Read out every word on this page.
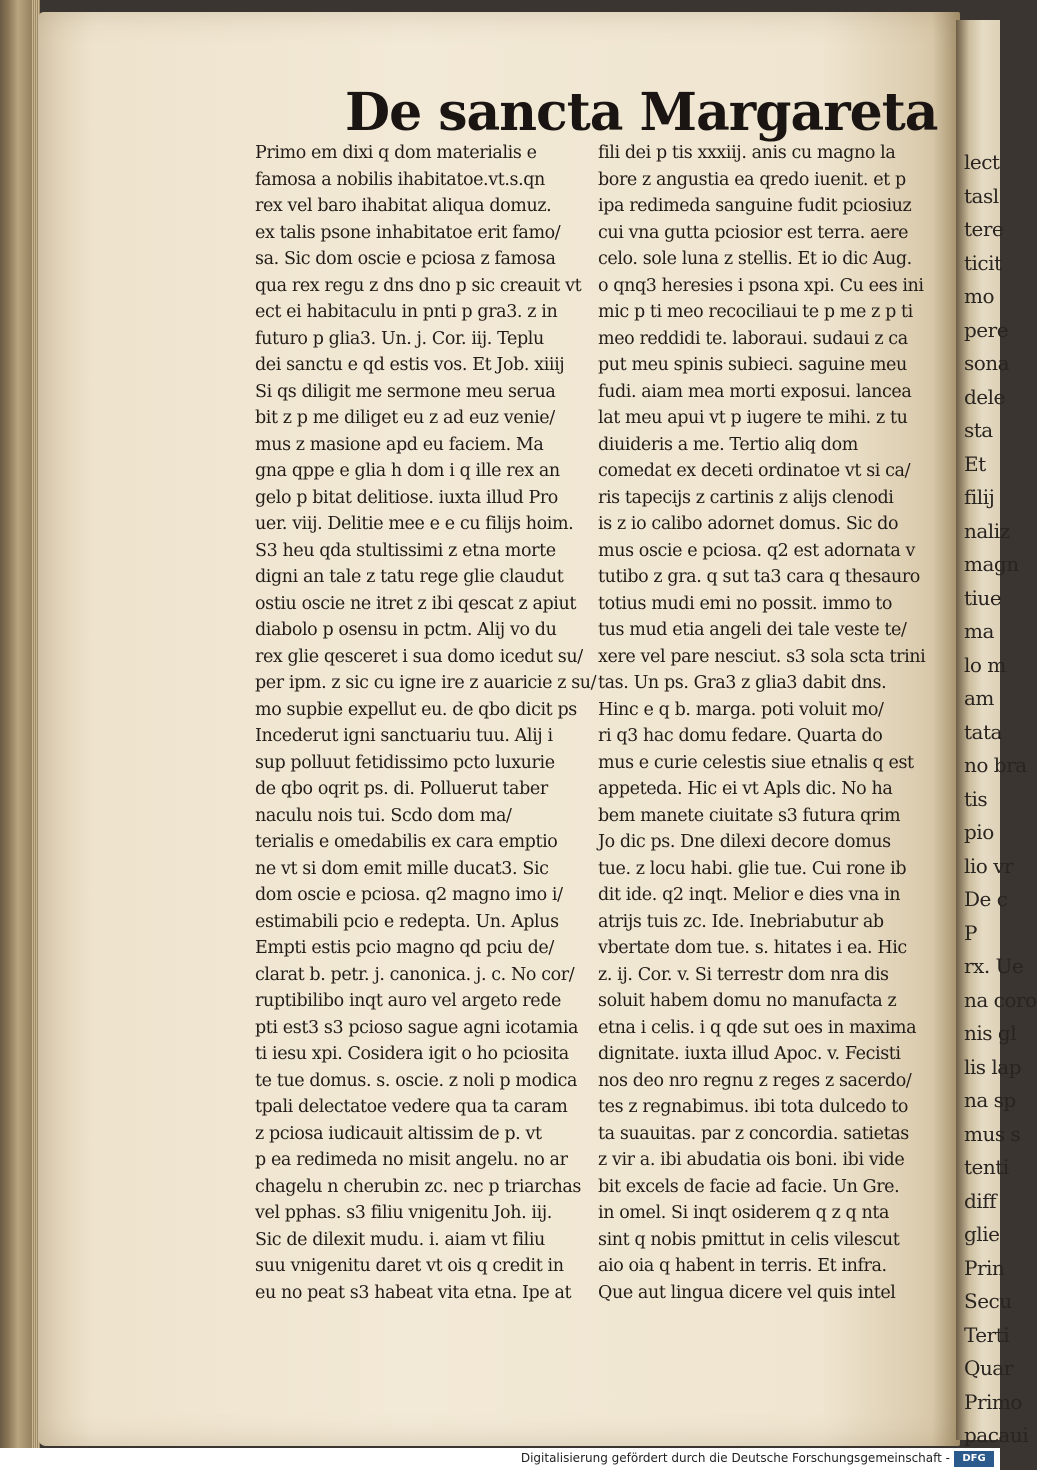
lect
tasl
tere
ticit
mo
pere
sona
dele
sta
Et
filij
naliz
magn
tiue
ma
lo m
am
tata
no bra
tis
pio
lio vr
De c
P
rx. Ue
na coro
nis gl
lis lap
na sp
mus s
tenti
diff
glie
Prin
Secu
Terti
Quar
Primo
pacaui
De sancta Margareta
Primo em dixi q dom materialis e
famosa a nobilis ihabitatoe.vt.s.qn
rex vel baro ihabitat aliqua domuz.
ex talis psone inhabitatoe erit famo/
sa. Sic dom oscie e pciosa z famosa
qua rex regu z dns dno p sic creauit vt
ect ei habitaculu in pnti p gra3. z in
futuro p glia3. Un. j. Cor. iij. Teplu
dei sanctu e qd estis vos. Et Job. xiiij
Si qs diligit me sermone meu serua
bit z p me diliget eu z ad euz venie/
mus z masione apd eu faciem. Ma
gna qppe e glia h dom i q ille rex an
gelo p bitat delitiose. iuxta illud Pro
uer. viij. Delitie mee e e cu filijs hoim.
S3 heu qda stultissimi z etna morte
digni an tale z tatu rege glie claudut
ostiu oscie ne itret z ibi qescat z apiut
diabolo p osensu in pctm. Alij vo du
rex glie qesceret i sua domo icedut su/
per ipm. z sic cu igne ire z auaricie z su/
mo supbie expellut eu. de qbo dicit ps
Incederut igni sanctuariu tuu. Alij i
sup polluut fetidissimo pcto luxurie
de qbo oqrit ps. di. Polluerut taber
naculu nois tui. Scdo dom ma/
terialis e omedabilis ex cara emptio
ne vt si dom emit mille ducat3. Sic
dom oscie e pciosa. q2 magno imo i/
estimabili pcio e redepta. Un. Aplus
Empti estis pcio magno qd pciu de/
clarat b. petr. j. canonica. j. c. No cor/
ruptibilibo inqt auro vel argeto rede
pti est3 s3 pcioso sague agni icotamia
ti iesu xpi. Cosidera igit o ho pciosita
te tue domus. s. oscie. z noli p modica
tpali delectatoe vedere qua ta caram
z pciosa iudicauit altissim de p. vt
p ea redimeda no misit angelu. no ar
chagelu n cherubin zc. nec p triarchas
vel pphas. s3 filiu vnigenitu Joh. iij.
Sic de dilexit mudu. i. aiam vt filiu
suu vnigenitu daret vt ois q credit in
eu no peat s3 habeat vita etna. Ipe at
fili dei p tis xxxiij. anis cu magno la
bore z angustia ea qredo iuenit. et p
ipa redimeda sanguine fudit pciosiuz
cui vna gutta pciosior est terra. aere
celo. sole luna z stellis. Et io dic Aug.
o qnq3 heresies i psona xpi. Cu ees ini
mic p ti meo recociliaui te p me z p ti
meo reddidi te. laboraui. sudaui z ca
put meu spinis subieci. saguine meu
fudi. aiam mea morti exposui. lancea
lat meu apui vt p iugere te mihi. z tu
diuideris a me. Tertio aliq dom
comedat ex deceti ordinatoe vt si ca/
ris tapecijs z cartinis z alijs clenodi
is z io calibo adornet domus. Sic do
mus oscie e pciosa. q2 est adornata v
tutibo z gra. q sut ta3 cara q thesauro
totius mudi emi no possit. immo to
tus mud etia angeli dei tale veste te/
xere vel pare nesciut. s3 sola scta trini
tas. Un ps. Gra3 z glia3 dabit dns.
Hinc e q b. marga. poti voluit mo/
ri q3 hac domu fedare. Quarta do
mus e curie celestis siue etnalis q est
appeteda. Hic ei vt Apls dic. No ha
bem manete ciuitate s3 futura qrim
Jo dic ps. Dne dilexi decore domus
tue. z locu habi. glie tue. Cui rone ib
dit ide. q2 inqt. Melior e dies vna in
atrijs tuis zc. Ide. Inebriabutur ab
vbertate dom tue. s. hitates i ea. Hic
z. ij. Cor. v. Si terrestr dom nra dis
soluit habem domu no manufacta z
etna i celis. i q qde sut oes in maxima
dignitate. iuxta illud Apoc. v. Fecisti
nos deo nro regnu z reges z sacerdo/
tes z regnabimus. ibi tota dulcedo to
ta suauitas. par z concordia. satietas
z vir a. ibi abudatia ois boni. ibi vide
bit excels de facie ad facie. Un Gre.
in omel. Si inqt osiderem q z q nta
sint q nobis pmittut in celis vilescut
aio oia q habent in terris. Et infra.
Que aut lingua dicere vel quis intel
Digitalisierung gefördert durch die Deutsche Forschungsgemeinschaft -	DFG
